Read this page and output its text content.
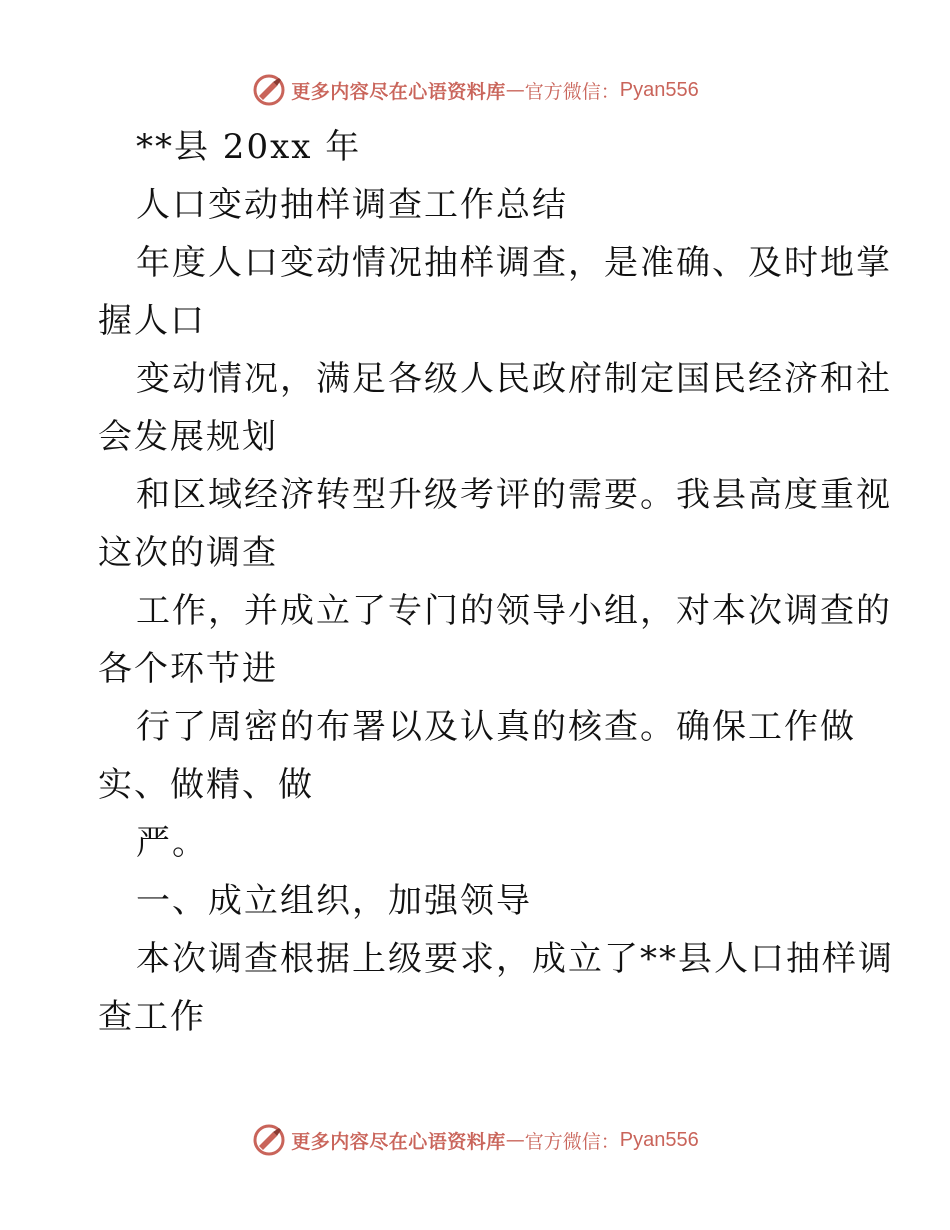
更多内容尽在心语资料库 — 官方微信： Pyan556
**县 20xx 年
人口变动抽样调查工作总结
年度人口变动情况抽样调查，是准确、及时地掌
握人口
变动情况，满足各级人民政府制定国民经济和社
会发展规划
和区域经济转型升级考评的需要。我县高度重视
这次的调查
工作，并成立了专门的领导小组，对本次调查的
各个环节进
行了周密的布署以及认真的核查。确保工作做
实、做精、做
严。
一、成立组织，加强领导
本次调查根据上级要求，成立了**县人口抽样调
查工作
更多内容尽在心语资料库 — 官方微信： Pyan556
